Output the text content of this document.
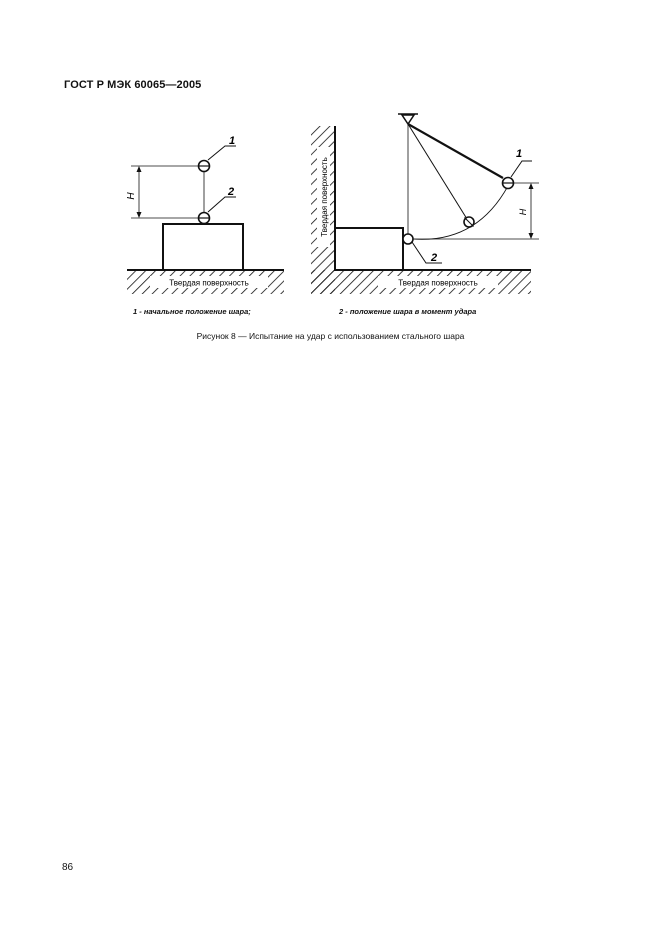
ГОСТ Р МЭК 60065—2005
Твердая поверхность
H
1
2	Твердая поверхность
Твердая поверхность
H
1
2
1 - начальное положение шара;	2 - положение шара в момент удара
Рисунок 8 — Испытание на удар с использованием стального шара
86
